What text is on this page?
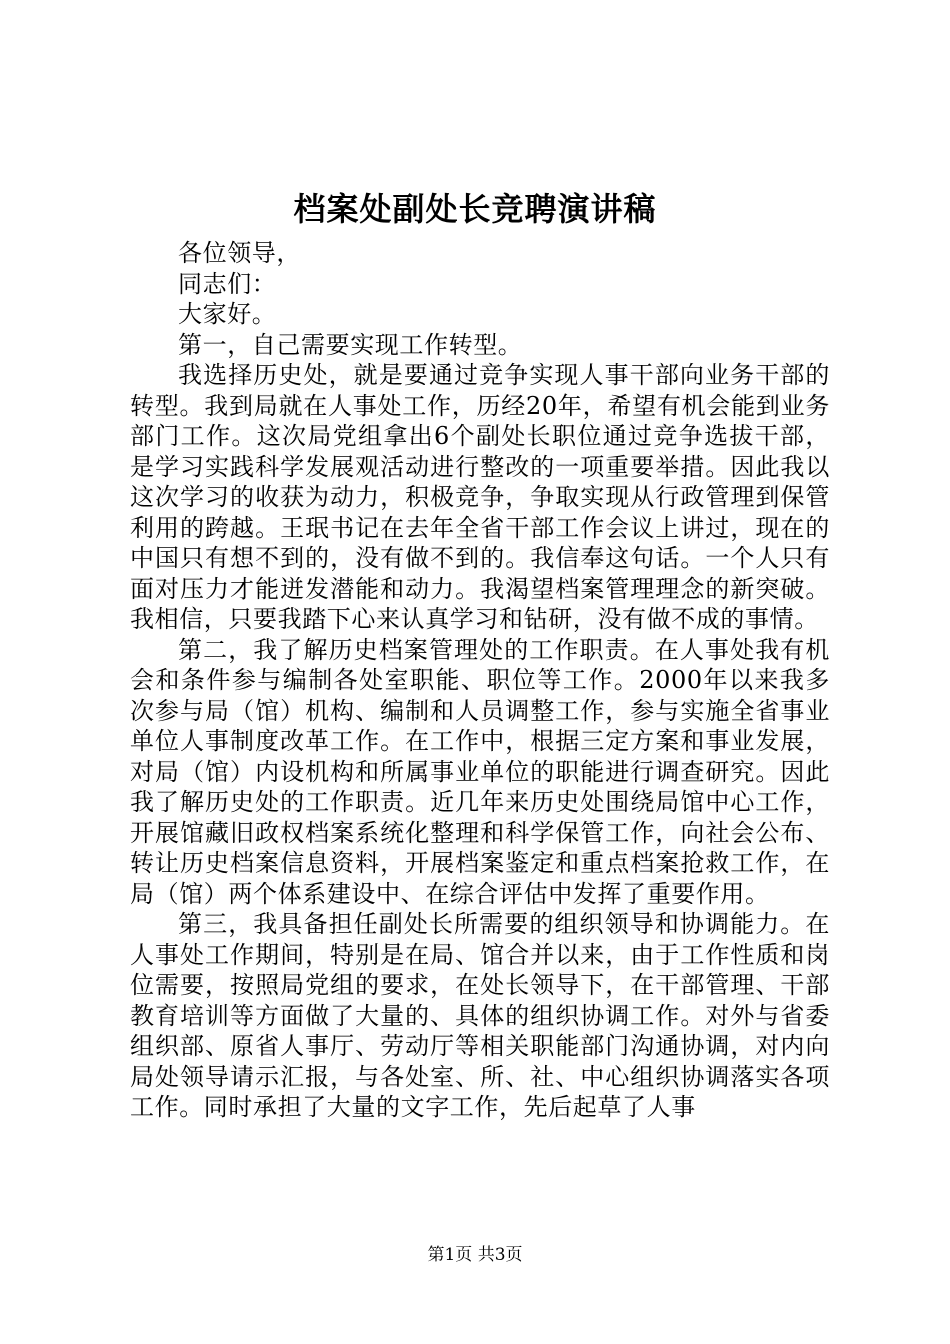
档案处副处长竞聘演讲稿

各位领导，

同志们：

大家好。

第一，自己需要实现工作转型。

我选择历史处，就是要通过竞争实现人事干部向业务干部的转型。我到局就在人事处工作，历经20年，希望有机会能到业务部门工作。这次局党组拿出6个副处长职位通过竞争选拔干部，是学习实践科学发展观活动进行整改的一项重要举措。因此我以这次学习的收获为动力，积极竞争，争取实现从行政管理到保管利用的跨越。王珉书记在去年全省干部工作会议上讲过，现在的中国只有想不到的，没有做不到的。我信奉这句话。一个人只有面对压力才能迸发潜能和动力。我渴望档案管理理念的新突破。我相信，只要我踏下心来认真学习和钻研，没有做不成的事情。

第二，我了解历史档案管理处的工作职责。在人事处我有机会和条件参与编制各处室职能、职位等工作。2000年以来我多次参与局（馆）机构、编制和人员调整工作，参与实施全省事业单位人事制度改革工作。在工作中，根据三定方案和事业发展，对局（馆）内设机构和所属事业单位的职能进行调查研究。因此我了解历史处的工作职责。近几年来历史处围绕局馆中心工作，开展馆藏旧政权档案系统化整理和科学保管工作，向社会公布、转让历史档案信息资料，开展档案鉴定和重点档案抢救工作，在局（馆）两个体系建设中、在综合评估中发挥了重要作用。

第三，我具备担任副处长所需要的组织领导和协调能力。在人事处工作期间，特别是在局、馆合并以来，由于工作性质和岗位需要，按照局党组的要求，在处长领导下，在干部管理、干部教育培训等方面做了大量的、具体的组织协调工作。对外与省委组织部、原省人事厅、劳动厅等相关职能部门沟通协调，对内向局处领导请示汇报，与各处室、所、社、中心组织协调落实各项工作。同时承担了大量的文字工作，先后起草了人事

第1页 共3页
